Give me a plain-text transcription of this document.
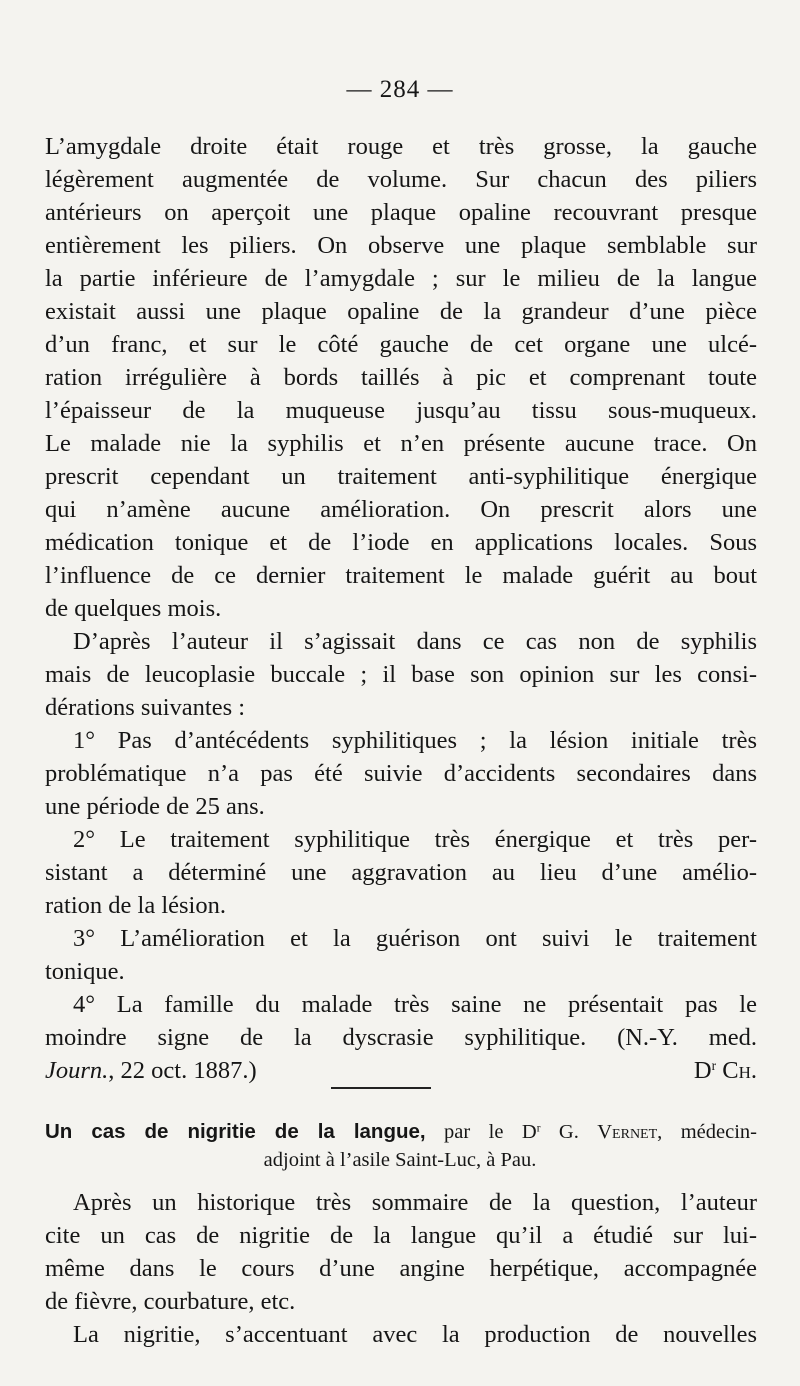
— 284 —
L’amygdale droite était rouge et très grosse, la gauche
légèrement augmentée de volume. Sur chacun des piliers
antérieurs on aperçoit une plaque opaline recouvrant presque
entièrement les piliers. On observe une plaque semblable sur
la partie inférieure de l’amygdale ; sur le milieu de la langue
existait aussi une plaque opaline de la grandeur d’une pièce
d’un franc, et sur le côté gauche de cet organe une ulcé-
ration irrégulière à bords taillés à pic et comprenant toute
l’épaisseur de la muqueuse jusqu’au tissu sous-muqueux.
Le malade nie la syphilis et n’en présente aucune trace. On
prescrit cependant un traitement anti-syphilitique énergique
qui n’amène aucune amélioration. On prescrit alors une
médication tonique et de l’iode en applications locales. Sous
l’influence de ce dernier traitement le malade guérit au bout
de quelques mois.
D’après l’auteur il s’agissait dans ce cas non de syphilis
mais de leucoplasie buccale ; il base son opinion sur les consi-
dérations suivantes :
1° Pas d’antécédents syphilitiques ; la lésion initiale très
problématique n’a pas été suivie d’accidents secondaires dans
une période de 25 ans.
2° Le traitement syphilitique très énergique et très per-
sistant a déterminé une aggravation au lieu d’une amélio-
ration de la lésion.
3° L’amélioration et la guérison ont suivi le traitement
tonique.
4° La famille du malade très saine ne présentait pas le
moindre signe de la dyscrasie syphilitique. (N.-Y. med.
Journ., 22 oct. 1887.)	$D^r$ Ch.
Un cas de nigritie de la langue, par le $D^r$ G. Vernet, médecin-
adjoint à l’asile Saint-Luc, à Pau.
Après un historique très sommaire de la question, l’auteur
cite un cas de nigritie de la langue qu’il a étudié sur lui-
même dans le cours d’une angine herpétique, accompagnée
de fièvre, courbature, etc.
La nigritie, s’accentuant avec la production de nouvelles
